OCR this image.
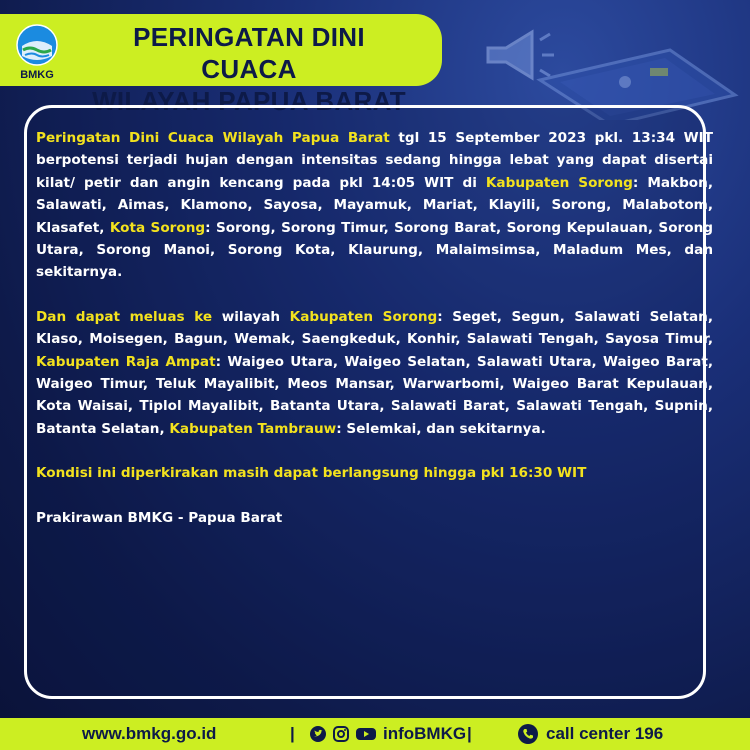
BMKG
PERINGATAN DINI CUACA
WILAYAH PAPUA BARAT

Peringatan Dini Cuaca Wilayah Papua Barat tgl 15 September 2023 pkl. 13:34 WIT berpotensi terjadi hujan dengan intensitas sedang hingga lebat yang dapat disertai kilat/ petir dan angin kencang pada pkl 14:05 WIT di Kabupaten Sorong: Makbon, Salawati, Aimas, Klamono, Sayosa, Mayamuk, Mariat, Klayili, Sorong, Malabotom, Klasafet, Kota Sorong: Sorong, Sorong Timur, Sorong Barat, Sorong Kepulauan, Sorong Utara, Sorong Manoi, Sorong Kota, Klaurung, Malaimsimsa, Maladum Mes, dan sekitarnya.

Dan dapat meluas ke wilayah Kabupaten Sorong: Seget, Segun, Salawati Selatan, Klaso, Moisegen, Bagun, Wemak, Saengkeduk, Konhir, Salawati Tengah, Sayosa Timur, Kabupaten Raja Ampat: Waigeo Utara, Waigeo Selatan, Salawati Utara, Waigeo Barat, Waigeo Timur, Teluk Mayalibit, Meos Mansar, Warwarbomi, Waigeo Barat Kepulauan, Kota Waisai, Tiplol Mayalibit, Batanta Utara, Salawati Barat, Salawati Tengah, Supnin, Batanta Selatan, Kabupaten Tambrauw: Selemkai, dan sekitarnya.

Kondisi ini diperkirakan masih dapat berlangsung hingga pkl 16:30 WIT

Prakirawan BMKG - Papua Barat

www.bmkg.go.id	|	infoBMKG |	call center 196
